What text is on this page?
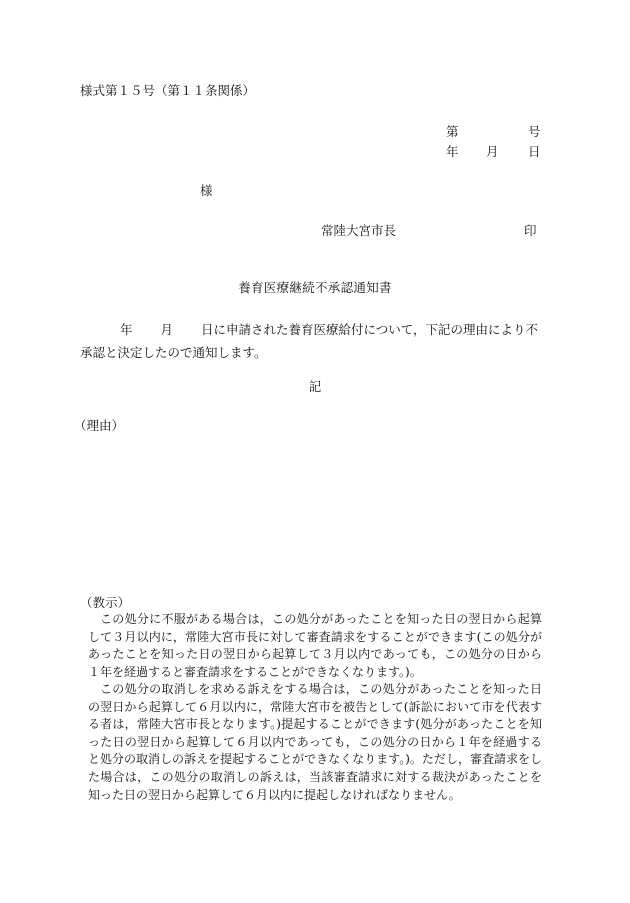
様式第１５号（第１１条関係）
第	号
年 月 日
様
常陸大宮市長	印
養育医療継続不承認通知書
年 月 日に申請された養育医療給付について，下記の理由により不承認と決定したので通知します。
記
（理由）
（教示）
この処分に不服がある場合は，この処分があったことを知った日の翌日から起算して３月以内に，常陸大宮市長に対して審査請求をすることができます(この処分があったことを知った日の翌日から起算して３月以内であっても，この処分の日から１年を経過すると審査請求をすることができなくなります。)。
この処分の取消しを求める訴えをする場合は，この処分があったことを知った日の翌日から起算して６月以内に，常陸大宮市を被告として(訴訟において市を代表する者は，常陸大宮市長となります。)提起することができます(処分があったことを知った日の翌日から起算して６月以内であっても，この処分の日から１年を経過すると処分の取消しの訴えを提起することができなくなります。)。ただし，審査請求をした場合は，この処分の取消しの訴えは，当該審査請求に対する裁決があったことを知った日の翌日から起算して６月以内に提起しなければなりません。
